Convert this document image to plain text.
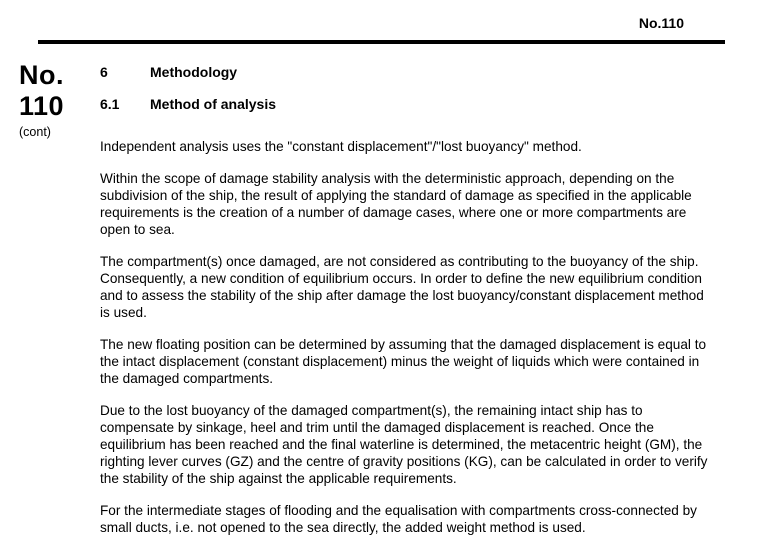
No.110
No.
110
(cont)
6	Methodology
6.1	Method of analysis

Independent analysis uses the "constant displacement"/"lost buoyancy" method.

Within the scope of damage stability analysis with the deterministic approach, depending on the subdivision of the ship, the result of applying the standard of damage as specified in the applicable requirements is the creation of a number of damage cases, where one or more compartments are open to sea.

The compartment(s) once damaged, are not considered as contributing to the buoyancy of the ship. Consequently, a new condition of equilibrium occurs. In order to define the new equilibrium condition and to assess the stability of the ship after damage the lost buoyancy/constant displacement method is used.

The new floating position can be determined by assuming that the damaged displacement is equal to the intact displacement (constant displacement) minus the weight of liquids which were contained in the damaged compartments.

Due to the lost buoyancy of the damaged compartment(s), the remaining intact ship has to compensate by sinkage, heel and trim until the damaged displacement is reached. Once the equilibrium has been reached and the final waterline is determined, the metacentric height (GM), the righting lever curves (GZ) and the centre of gravity positions (KG), can be calculated in order to verify the stability of the ship against the applicable requirements.

For the intermediate stages of flooding and the equalisation with compartments cross-connected by small ducts, i.e. not opened to the sea directly, the added weight method is used.
